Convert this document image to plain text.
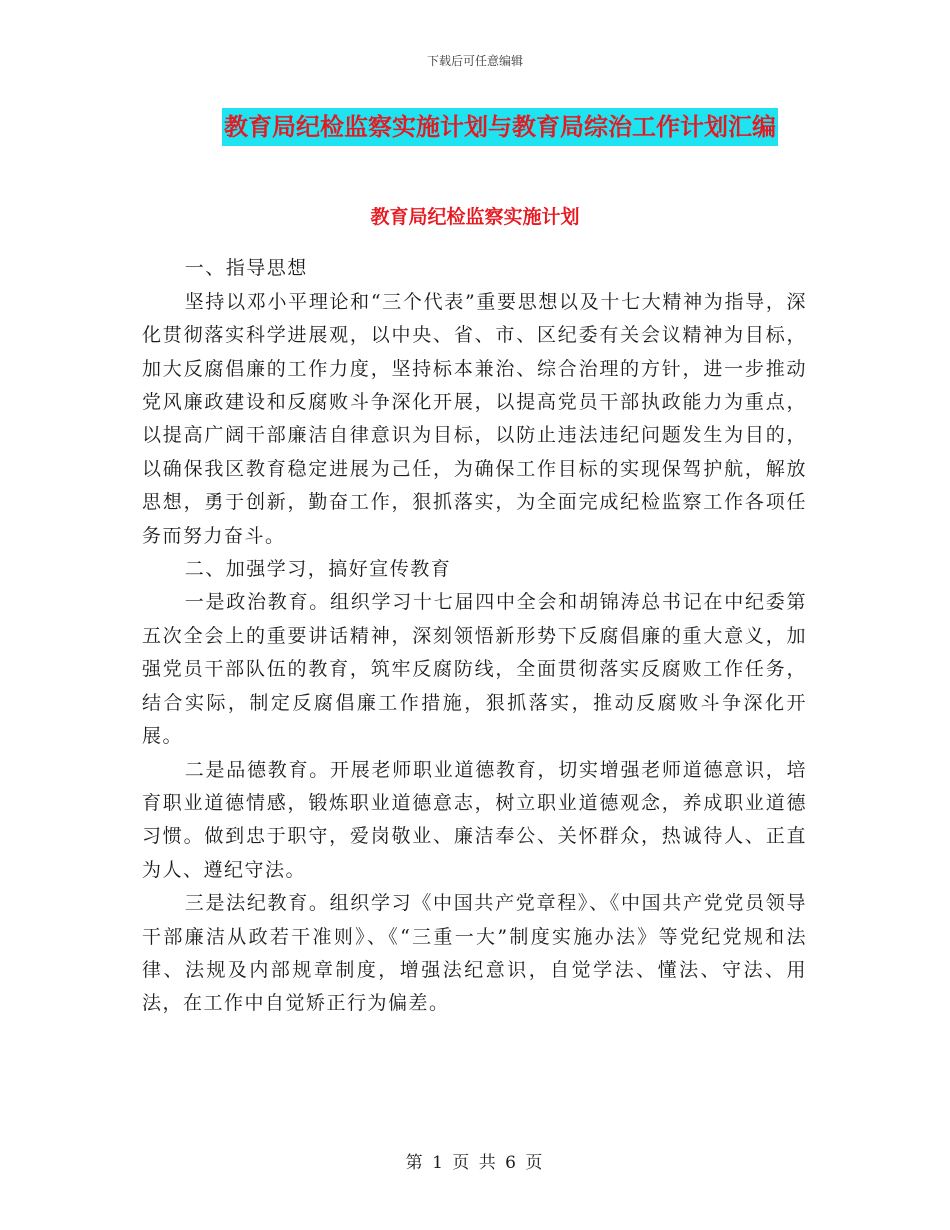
下载后可任意编辑
教育局纪检监察实施计划与教育局综治工作计划汇编
教育局纪检监察实施计划

一、指导思想

坚持以邓小平理论和“三个代表”重要思想以及十七大精神为指导，深化贯彻落实科学进展观，以中央、省、市、区纪委有关会议精神为目标，加大反腐倡廉的工作力度，坚持标本兼治、综合治理的方针，进一步推动党风廉政建设和反腐败斗争深化开展，以提高党员干部执政能力为重点，以提高广阔干部廉洁自律意识为目标，以防止违法违纪问题发生为目的，以确保我区教育稳定进展为己任，为确保工作目标的实现保驾护航，解放思想，勇于创新，勤奋工作，狠抓落实，为全面完成纪检监察工作各项任务而努力奋斗。

二、加强学习，搞好宣传教育

一是政治教育。组织学习十七届四中全会和胡锦涛总书记在中纪委第五次全会上的重要讲话精神，深刻领悟新形势下反腐倡廉的重大意义，加强党员干部队伍的教育，筑牢反腐防线，全面贯彻落实反腐败工作任务，结合实际，制定反腐倡廉工作措施，狠抓落实，推动反腐败斗争深化开展。

二是品德教育。开展老师职业道德教育，切实增强老师道德意识，培育职业道德情感，锻炼职业道德意志，树立职业道德观念，养成职业道德习惯。做到忠于职守，爱岗敬业、廉洁奉公、关怀群众，热诚待人、正直为人、遵纪守法。

三是法纪教育。组织学习《中国共产党章程》、《中国共产党党员领导干部廉洁从政若干准则》、《“三重一大”制度实施办法》等党纪党规和法律、法规及内部规章制度，增强法纪意识，自觉学法、懂法、守法、用法，在工作中自觉矫正行为偏差。

第 1 页 共 6 页
